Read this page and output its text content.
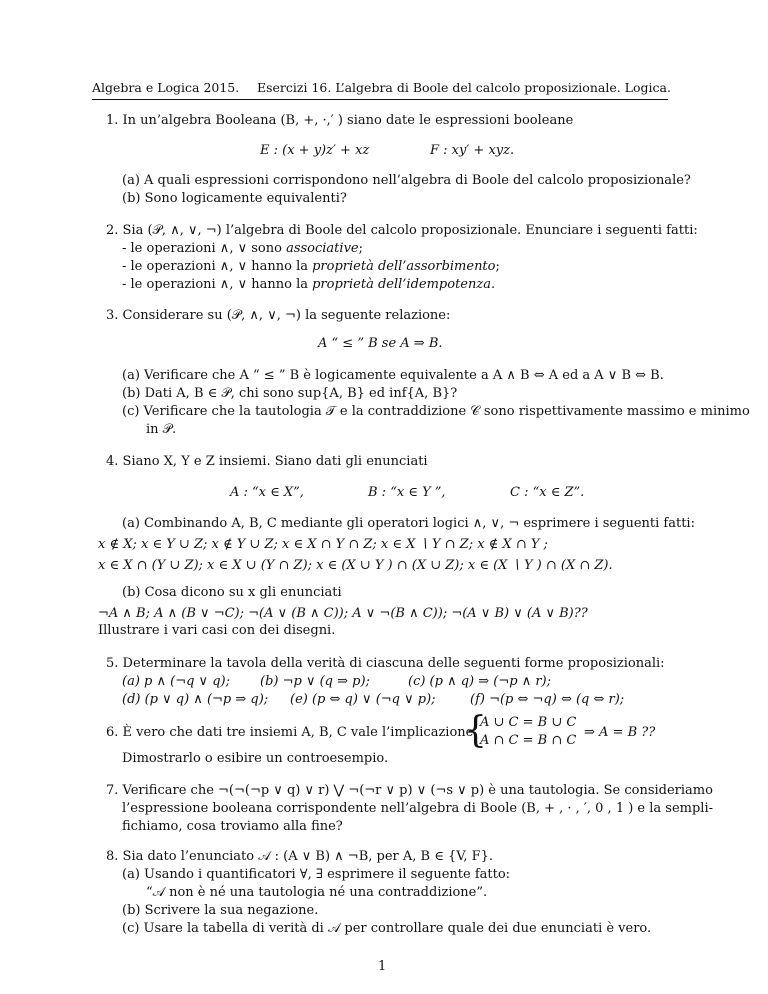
Algebra e Logica 2015. Esercizi 16. L’algebra di Boole del calcolo proposizionale. Logica.
1. In un’algebra Booleana (B, +, ·,′ ) siano date le espressioni booleane
E : (x + y)z′ + xz	F : xy′ + xyz.
(a) A quali espressioni corrispondono nell’algebra di Boole del calcolo proposizionale?
(b) Sono logicamente equivalenti?
2. Sia (𝒫, ∧, ∨, ¬) l’algebra di Boole del calcolo proposizionale. Enunciare i seguenti fatti:
- le operazioni ∧, ∨ sono associative;
- le operazioni ∧, ∨ hanno la proprietà dell’assorbimento;
- le operazioni ∧, ∨ hanno la proprietà dell’idempotenza.
3. Considerare su (𝒫, ∧, ∨, ¬) la seguente relazione:
A “ ≤ ” B se A ⇒ B.
(a) Verificare che A “ ≤ ” B è logicamente equivalente a A ∧ B ⇔ A ed a A ∨ B ⇔ B.
(b) Dati A, B ∈ 𝒫, chi sono sup{A, B} ed inf{A, B}?
(c) Verificare che la tautologia 𝒯 e la contraddizione 𝒞 sono rispettivamente massimo e minimo
in 𝒫.
4. Siano X, Y e Z insiemi. Siano dati gli enunciati
A : “x ∈ X”,	B : “x ∈ Y ”,	C : “x ∈ Z”.
(a) Combinando A, B, C mediante gli operatori logici ∧, ∨, ¬ esprimere i seguenti fatti:
x ∉ X; x ∈ Y ∪ Z; x ∉ Y ∪ Z; x ∈ X ∩ Y ∩ Z; x ∈ X ∖ Y ∩ Z; x ∉ X ∩ Y ;
x ∈ X ∩ (Y ∪ Z); x ∈ X ∪ (Y ∩ Z); x ∈ (X ∪ Y ) ∩ (X ∪ Z); x ∈ (X ∖ Y ) ∩ (X ∩ Z).
(b) Cosa dicono su x gli enunciati
¬A ∧ B; A ∧ (B ∨ ¬C); ¬(A ∨ (B ∧ C)); A ∨ ¬(B ∧ C)); ¬(A ∨ B) ∨ (A ∨ B)??
Illustrare i vari casi con dei disegni.
5. Determinare la tavola della verità di ciascuna delle seguenti forme proposizionali:
(a) p ∧ (¬q ∨ q); (b) ¬p ∨ (q ⇒ p);	(c) (p ∧ q) ⇒ (¬p ∧ r);
(d) (p ∨ q) ∧ (¬p ⇒ q); (e) (p ⇔ q) ∨ (¬q ∨ p);	(f) ¬(p ⇔ ¬q) ⇔ (q ⇔ r);
6. È vero che dati tre insiemi A, B, C vale l’implicazione
{
A ∪ C = B ∪ C
A ∩ C = B ∩ C
⇒ A = B ??
Dimostrarlo o esibire un controesempio.
7. Verificare che ¬(¬(¬p ∨ q) ∨ r) ⋁ ¬(¬r ∨ p) ∨ (¬s ∨ p) è una tautologia. Se consideriamo
l’espressione booleana corrispondente nell’algebra di Boole (B, + , · , ′, 0 , 1 ) e la sempli-
fichiamo, cosa troviamo alla fine?
8. Sia dato l’enunciato 𝒜 : (A ∨ B) ∧ ¬B, per A, B ∈ {V, F}.
(a) Usando i quantificatori ∀, ∃ esprimere il seguente fatto:
“𝒜 non è né una tautologia né una contraddizione”.
(b) Scrivere la sua negazione.
(c) Usare la tabella di verità di 𝒜 per controllare quale dei due enunciati è vero.
1
